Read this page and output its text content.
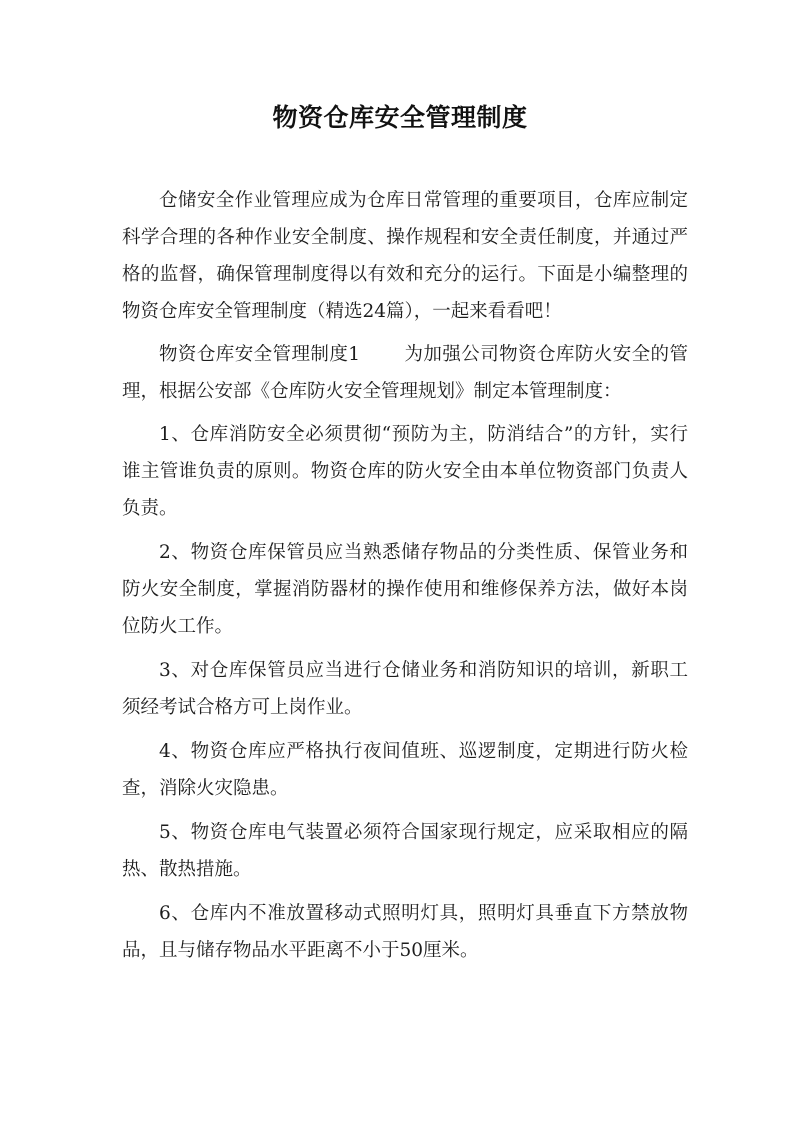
物资仓库安全管理制度

仓储安全作业管理应成为仓库日常管理的重要项目，仓库应制定科学合理的各种作业安全制度、操作规程和安全责任制度，并通过严格的监督，确保管理制度得以有效和充分的运行。下面是小编整理的物资仓库安全管理制度（精选24篇），一起来看看吧！

物资仓库安全管理制度1 为加强公司物资仓库防火安全的管理，根据公安部《仓库防火安全管理规划》制定本管理制度：

1、仓库消防安全必须贯彻“预防为主，防消结合”的方针，实行谁主管谁负责的原则。物资仓库的防火安全由本单位物资部门负责人负责。

2、物资仓库保管员应当熟悉储存物品的分类性质、保管业务和防火安全制度，掌握消防器材的操作使用和维修保养方法，做好本岗位防火工作。

3、对仓库保管员应当进行仓储业务和消防知识的培训，新职工须经考试合格方可上岗作业。

4、物资仓库应严格执行夜间值班、巡逻制度，定期进行防火检查，消除火灾隐患。

5、物资仓库电气装置必须符合国家现行规定，应采取相应的隔热、散热措施。

6、仓库内不准放置移动式照明灯具，照明灯具垂直下方禁放物品，且与储存物品水平距离不小于50厘米。
